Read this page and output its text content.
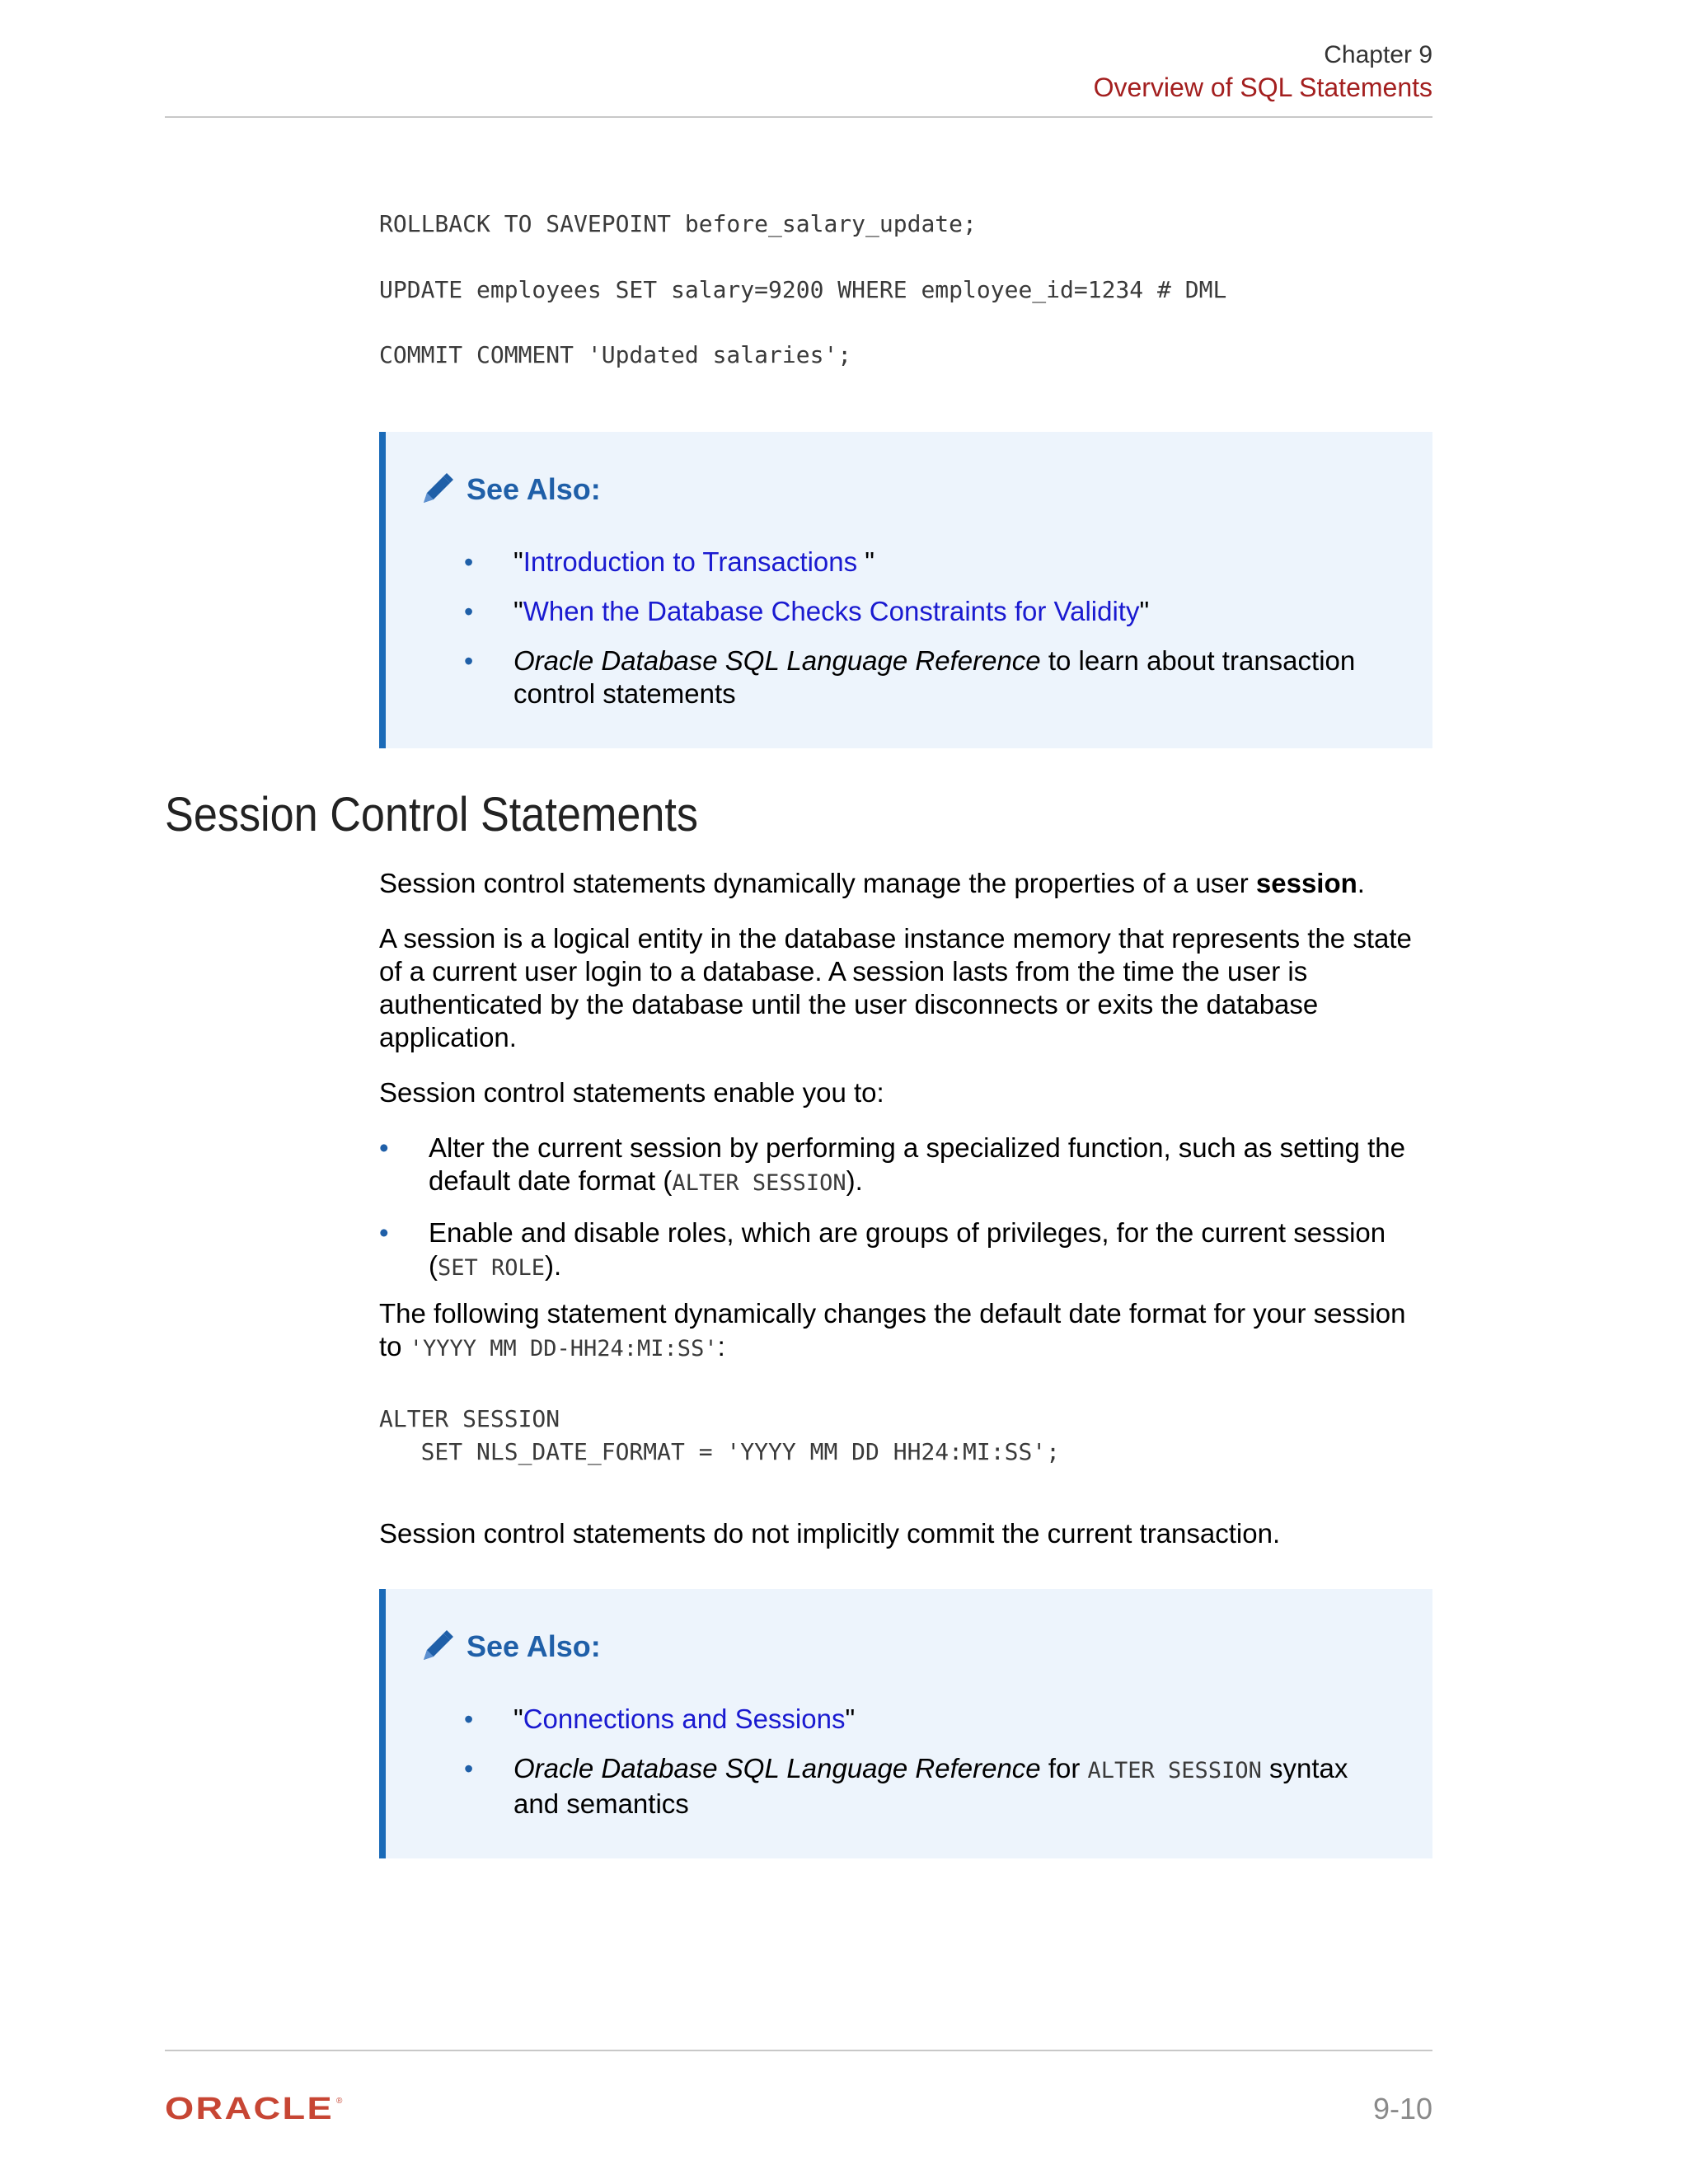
Chapter 9
Overview of SQL Statements
ROLLBACK TO SAVEPOINT before_salary_update;
UPDATE employees SET salary=9200 WHERE employee_id=1234 # DML
COMMIT COMMENT 'Updated salaries';
See Also:
• "Introduction to Transactions "
• "When the Database Checks Constraints for Validity"
• Oracle Database SQL Language Reference to learn about transaction control statements
Session Control Statements

Session control statements dynamically manage the properties of a user session.

A session is a logical entity in the database instance memory that represents the state of a current user login to a database. A session lasts from the time the user is authenticated by the database until the user disconnects or exits the database application.

Session control statements enable you to:

• Alter the current session by performing a specialized function, such as setting the default date format (ALTER SESSION).
• Enable and disable roles, which are groups of privileges, for the current session (SET ROLE).

The following statement dynamically changes the default date format for your session to 'YYYY MM DD-HH24:MI:SS':

ALTER SESSION
SET NLS_DATE_FORMAT = 'YYYY MM DD HH24:MI:SS';

Session control statements do not implicitly commit the current transaction.

See Also:
• "Connections and Sessions"
• Oracle Database SQL Language Reference for ALTER SESSION syntax and semantics
ORACLE ®	9-10
